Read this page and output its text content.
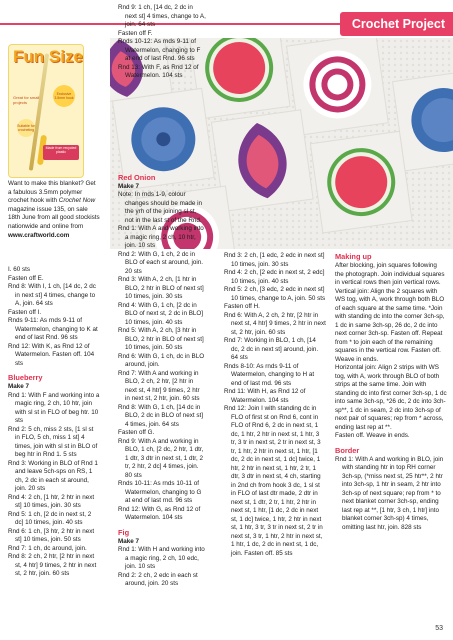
Crochet Project
Fun Size
Great for small projects
Exclusive 3.5mm hook
Suitable for crocheting
Made from recycled plastic
Want to make this blanket? Get a fabulous 3.5mm polymer crochet hook with Crochet Now magazine issue 135, on sale 18th June from all good stockists nationwide and online from www.craftworld.com

I. 60 sts

Fasten off E.

Rnd 8: With I, 1 ch, [14 dc, 2 dc in next st] 4 times, change to A, join. 64 sts

Fasten off I.

Rnds 9-11: As rnds 9-11 of Watermelon, changing to K at end of last Rnd. 96 sts

Rnd 12: With K, as Rnd 12 of Watermelon. Fasten off. 104 sts

Blueberry

Make 7

Rnd 1: With F and working into a magic ring, 2 ch, 10 htr, join with sl st in FLO of beg htr. 10 sts

Rnd 2: 5 ch, miss 2 sts, [1 sl st in FLO, 5 ch, miss 1 st] 4 times, join with sl st in BLO of beg htr in Rnd 1. 5 sts

Rnd 3: Working in BLO of Rnd 1 and leave 5ch-sps on RS, 1 ch, 2 dc in each st around, join. 20 sts

Rnd 4: 2 ch, [1 htr, 2 htr in next st] 10 times, join. 30 sts

Rnd 5: 1 ch, [2 dc in next st, 2 dc] 10 times, join. 40 sts

Rnd 6: 1 ch, [3 htr, 2 htr in next st] 10 times, join. 50 sts

Rnd 7: 1 ch, dc around, join.

Rnd 8: 2 ch, 2 htr, [2 htr in next st, 4 htr] 9 times, 2 htr in next st, 2 htr, join. 60 sts

Rnd 9: 1 ch, [14 dc, 2 dc in next st] 4 times, change to A, join. 64 sts

Fasten off F.

Rnds 10-12: As rnds 9-11 of Watermelon, changing to F at end of last Rnd. 96 sts

Rnd 13: With F, as Rnd 12 of Watermelon. 104 sts

Red Onion

Make 7

Note: In rnds 1-9, colour changes should be made in the yrh of the joining sl st, not in the last st of the Rnd.

Rnd 1: With A and working into a magic ring, 2 ch, 10 htr, join. 10 sts

Rnd 2: With G, 1 ch, 2 dc in BLO of each st around, join. 20 sts

Rnd 3: With A, 2 ch, [1 htr in BLO, 2 htr in BLO of next st] 10 times, join. 30 sts

Rnd 4: With G, 1 ch, [2 dc in BLO of next st, 2 dc in BLO] 10 times, join. 40 sts

Rnd 5: With A, 2 ch, [3 htr in BLO, 2 htr in BLO of next st] 10 times, join. 50 sts

Rnd 6: With G, 1 ch, dc in BLO around, join.

Rnd 7: With A and working in BLO, 2 ch, 2 htr, [2 htr in next st, 4 htr] 9 times, 2 htr in next st, 2 htr, join. 60 sts

Rnd 8: With G, 1 ch, [14 dc in BLO, 2 dc in BLO of next st] 4 times, join. 64 sts

Fasten off G.

Rnd 9: With A and working in BLO, 1 ch, [2 dc, 2 htr, 1 dtr, 1 dtr, 3 dtr in next st, 1 dtr, 2 tr, 2 htr, 2 dc] 4 times, join. 80 sts

Rnds 10-11: As rnds 10-11 of Watermelon, changing to G at end of last rnd. 96 sts

Rnd 12: With G, as Rnd 12 of Watermelon. 104 sts

Fig

Make 7

Rnd 1: With H and working into a magic ring, 2 ch, 10 edc, join. 10 sts

Rnd 2: 2 ch, 2 edc in each st around, join. 20 sts

Rnd 3: 2 ch, [1 edc, 2 edc in next st] 10 times, join. 30 sts

Rnd 4: 2 ch, [2 edc in next st, 2 edc] 10 times, join. 40 sts

Rnd 5: 2 ch, [3 edc, 2 edc in next st] 10 times, change to A, join. 50 sts

Fasten off H.

Rnd 6: With A, 2 ch, 2 htr, [2 htr in next st, 4 htr] 9 times, 2 htr in next st, 2 htr, join. 60 sts

Rnd 7: Working in BLO, 1 ch, [14 dc, 2 dc in next st] around, join. 64 sts

Rnds 8-10: As rnds 9-11 of Watermelon, changing to H at end of last rnd. 96 sts

Rnd 11: With H, as Rnd 12 of Watermelon. 104 sts

Rnd 12: Join I with standing dc in FLO of first st on Rnd 6, cont in FLO of Rnd 6, 2 dc in next st, 1 dc, 1 htr, 2 htr in next st, 1 htr, 3 tr, 3 tr in next st, 2 tr in next st, 3 tr, 1 htr, 2 htr in next st, 1 htr, [1 dc, 2 dc in next st, 1 dc] twice, 1 htr, 2 htr in next st, 1 htr, 2 tr, 1 dtr, 3 dtr in next st, 4 ch, starting in 2nd ch from hook 3 dc, 1 sl st in FLO of last dtr made, 2 dtr in next st, 1 dtr, 2 tr, 1 htr, 2 htr in next st, 1 htr, [1 dc, 2 dc in next st, 1 dc] twice, 1 htr, 2 htr in next st, 1 htr, 3 tr, 3 tr in next st, 2 tr in next st, 3 tr, 1 htr, 2 htr in next st, 1 htr, 1 dc, 2 dc in next st, 1 dc, join. Fasten off. 85 sts

Making up

After blocking, join squares following the photograph. Join individual squares in vertical rows then join vertical rows.

Vertical join: Align the 2 squares with WS tog, with A, work through both BLO of each square at the same time. *Join with standing dc into the corner 3ch-sp, 1 dc in same 3ch-sp, 26 dc, 2 dc into next corner 3ch-sp. Fasten off. Repeat from * to join each of the remaining squares in the vertical row. Fasten off. Weave in ends.

Horizontal join: Align 2 strips with WS tog, with A, work through BLO of both strips at the same time. Join with standing dc into first corner 3ch-sp, 1 dc into same 3ch-sp, *26 dc, 2 dc into 3ch-sp**, 1 dc in seam, 2 dc into 3ch-sp of next pair of squares; rep from * across, ending last rep at **.

Fasten off. Weave in ends.

Border

Rnd 1: With A and working in BLO, join with standing htr in top RH corner 3ch-sp, (*miss next st, 25 htr**, 2 htr into 3ch-sp, 1 htr in seam, 2 htr into 3ch-sp of next square; rep from * to next blanket corner 3ch-sp, ending last rep at **, [1 htr, 3 ch, 1 htr] into blanket corner 3ch-sp) 4 times, omitting last htr, join. 828 sts

53
